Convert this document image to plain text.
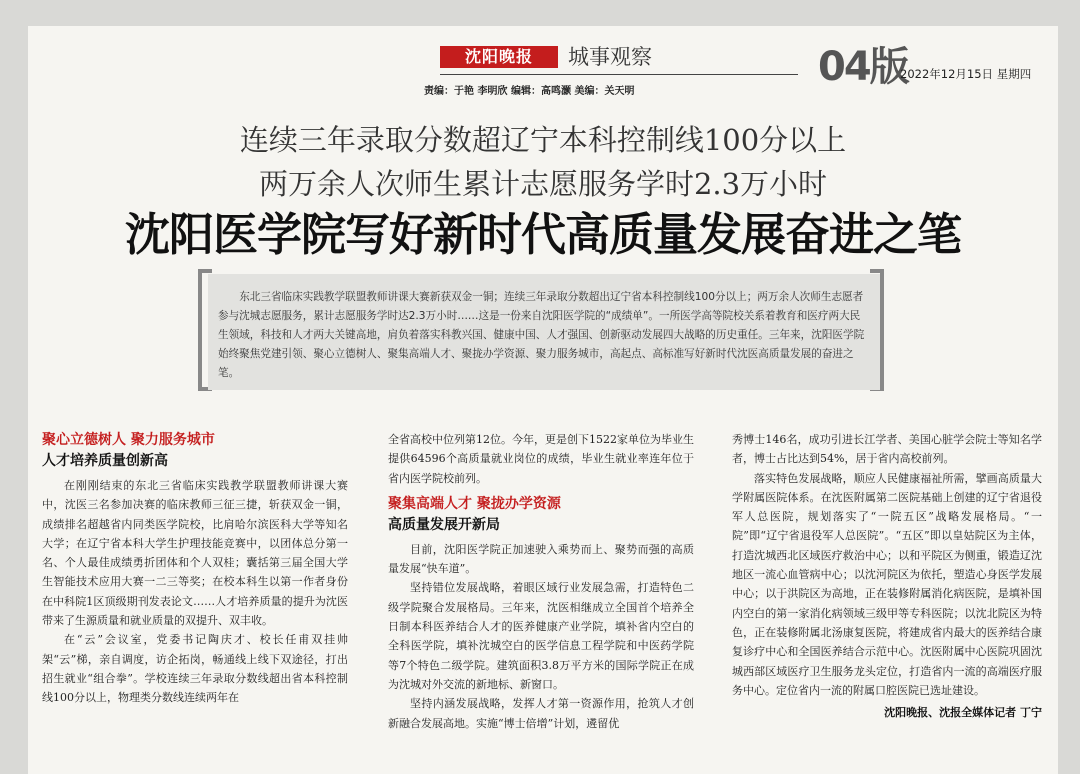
沈阳晚报	城事观察	04版
2022年12月15日 星期四
责编：于艳 李明欣 编辑：高鸣灏 美编：关天明
连续三年录取分数超辽宁本科控制线100分以上
两万余人次师生累计志愿服务学时2.3万小时
沈阳医学院写好新时代高质量发展奋进之笔

东北三省临床实践教学联盟教师讲课大赛新获双金一铜；连续三年录取分数超出辽宁省本科控制线100分以上；两万余人次师生志愿者参与沈城志愿服务，累计志愿服务学时达2.3万小时……这是一份来自沈阳医学院的“成绩单”。一所医学高等院校关系着教育和医疗两大民生领域，科技和人才两大关键高地，肩负着落实科教兴国、健康中国、人才强国、创新驱动发展四大战略的历史重任。三年来，沈阳医学院始终聚焦党建引领、聚心立德树人、聚集高端人才、聚拢办学资源、聚力服务城市，高起点、高标准写好新时代沈医高质量发展的奋进之笔。

聚心立德树人 聚力服务城市

人才培养质量创新高

在刚刚结束的东北三省临床实践教学联盟教师讲课大赛中，沈医三名参加决赛的临床教师三征三捷，斩获双金一铜，成绩排名超越省内同类医学院校，比肩哈尔滨医科大学等知名大学；在辽宁省本科大学生护理技能竞赛中，以团体总分第一名、个人最佳成绩勇折团体和个人双桂；囊括第三届全国大学生智能技术应用大赛一二三等奖；在校本科生以第一作者身份在中科院1区顶级期刊发表论文……人才培养质量的提升为沈医带来了生源质量和就业质量的双提升、双丰收。

在“云”会议室，党委书记陶庆才、校长任甫双挂帅架“云”梯，亲自调度，访企拓岗，畅通线上线下双途径，打出招生就业“组合拳”。学校连续三年录取分数线超出省本科控制线100分以上，物理类分数线连续两年在

全省高校中位列第12位。今年，更是创下1522家单位为毕业生提供64596个高质量就业岗位的成绩，毕业生就业率连年位于省内医学院校前列。

聚集高端人才 聚拢办学资源

高质量发展开新局

目前，沈阳医学院正加速驶入乘势而上、聚势而强的高质量发展“快车道”。

坚持错位发展战略，着眼区域行业发展急需，打造特色二级学院聚合发展格局。三年来，沈医相继成立全国首个培养全日制本科医养结合人才的医养健康产业学院，填补省内空白的全科医学院，填补沈城空白的医学信息工程学院和中医药学院等7个特色二级学院。建筑面积3.8万平方米的国际学院正在成为沈城对外交流的新地标、新窗口。

坚持内涵发展战略，发挥人才第一资源作用，抢筑人才创新融合发展高地。实施“博士倍增”计划，遴留优

秀博士146名，成功引进长江学者、美国心脏学会院士等知名学者，博士占比达到54%，居于省内高校前列。

落实特色发展战略，顺应人民健康福祉所需，擘画高质量大学附属医院体系。在沈医附属第二医院基础上创建的辽宁省退役军人总医院，规划落实了“一院五区”战略发展格局。“一院”即“辽宁省退役军人总医院”。“五区”即以皇姑院区为主体，打造沈城西北区域医疗救治中心；以和平院区为侧重，锻造辽沈地区一流心血管病中心；以沈河院区为依托，塑造心身医学发展中心；以于洪院区为高地，正在装修附属消化病医院，是填补国内空白的第一家消化病领域三级甲等专科医院；以沈北院区为特色，正在装修附属北汤康复医院，将建成省内最大的医养结合康复诊疗中心和全国医养结合示范中心。沈医附属中心医院巩固沈城西部区域医疗卫生服务龙头定位，打造省内一流的高端医疗服务中心。定位省内一流的附属口腔医院已选址建设。

沈阳晚报、沈报全媒体记者 丁宁
